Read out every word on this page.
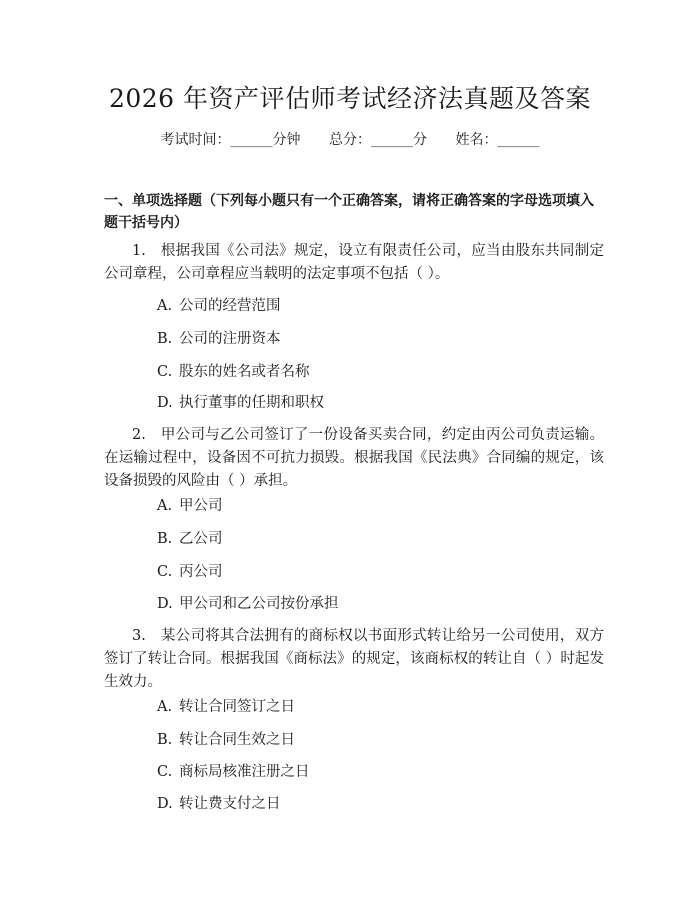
2026 年资产评估师考试经济法真题及答案
考试时间：______分钟 总分：______分 姓名：______
一、单项选择题（下列每小题只有一个正确答案，请将正确答案的字母选项填入题干括号内）
1.　根据我国《公司法》规定，设立有限责任公司，应当由股东共同制定公司章程，公司章程应当载明的法定事项不包括（ ）。
A. 公司的经营范围
B. 公司的注册资本
C. 股东的姓名或者名称
D. 执行董事的任期和职权
2.　甲公司与乙公司签订了一份设备买卖合同，约定由丙公司负责运输。在运输过程中，设备因不可抗力损毁。根据我国《民法典》合同编的规定，该设备损毁的风险由（ ）承担。
A. 甲公司
B. 乙公司
C. 丙公司
D. 甲公司和乙公司按份承担
3.　某公司将其合法拥有的商标权以书面形式转让给另一公司使用，双方签订了转让合同。根据我国《商标法》的规定，该商标权的转让自（ ）时起发生效力。
A. 转让合同签订之日
B. 转让合同生效之日
C. 商标局核准注册之日
D. 转让费支付之日
